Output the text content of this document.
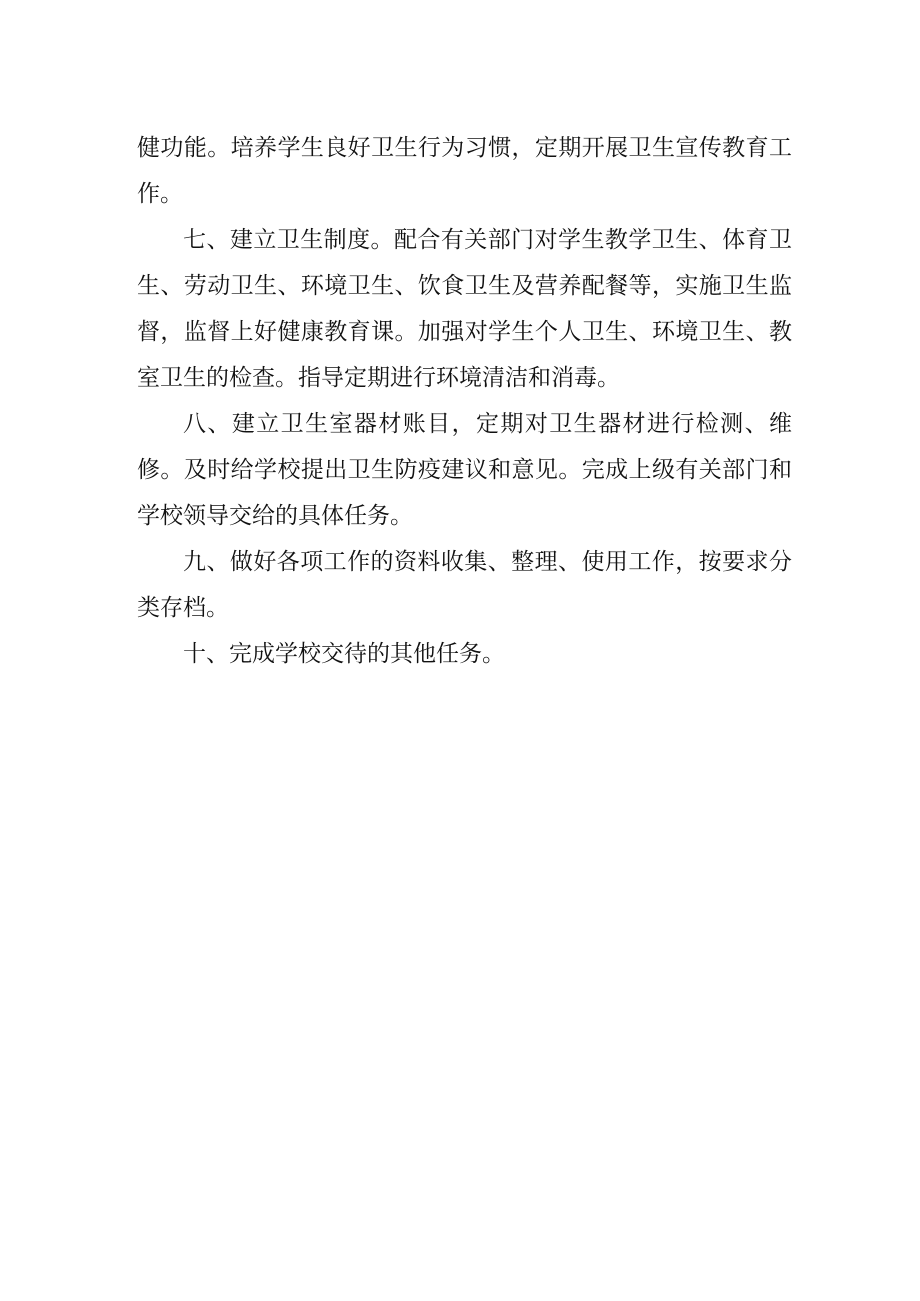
健功能。培养学生良好卫生行为习惯，定期开展卫生宣传教育工作。

七、建立卫生制度。配合有关部门对学生教学卫生、体育卫生、劳动卫生、环境卫生、饮食卫生及营养配餐等，实施卫生监督，监督上好健康教育课。加强对学生个人卫生、环境卫生、教室卫生的检查。指导定期进行环境清洁和消毒。

八、建立卫生室器材账目，定期对卫生器材进行检测、维修。及时给学校提出卫生防疫建议和意见。完成上级有关部门和学校领导交给的具体任务。

九、做好各项工作的资料收集、整理、使用工作，按要求分类存档。

十、完成学校交待的其他任务。
